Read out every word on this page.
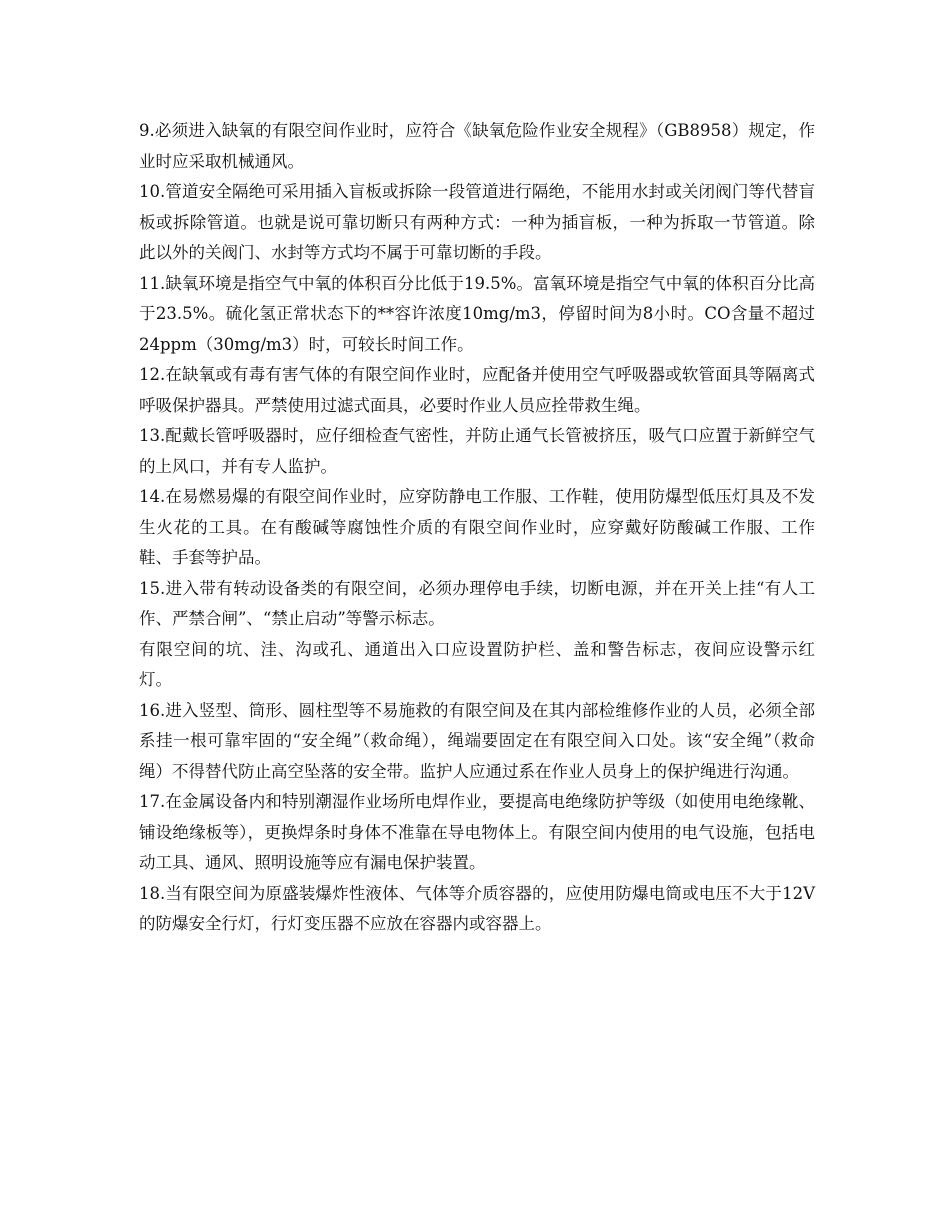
9.必须进入缺氧的有限空间作业时，应符合《缺氧危险作业安全规程》（GB8958）规定，作业时应采取机械通风。

10.管道安全隔绝可采用插入盲板或拆除一段管道进行隔绝，不能用水封或关闭阀门等代替盲板或拆除管道。也就是说可靠切断只有两种方式：一种为插盲板，一种为拆取一节管道。除此以外的关阀门、水封等方式均不属于可靠切断的手段。

11.缺氧环境是指空气中氧的体积百分比低于19.5%。富氧环境是指空气中氧的体积百分比高于23.5%。硫化氢正常状态下的**容许浓度10mg/m3，停留时间为8小时。CO含量不超过24ppm（30mg/m3）时，可较长时间工作。

12.在缺氧或有毒有害气体的有限空间作业时，应配备并使用空气呼吸器或软管面具等隔离式呼吸保护器具。严禁使用过滤式面具，必要时作业人员应拴带救生绳。

13.配戴长管呼吸器时，应仔细检查气密性，并防止通气长管被挤压，吸气口应置于新鲜空气的上风口，并有专人监护。

14.在易燃易爆的有限空间作业时，应穿防静电工作服、工作鞋，使用防爆型低压灯具及不发生火花的工具。在有酸碱等腐蚀性介质的有限空间作业时，应穿戴好防酸碱工作服、工作鞋、手套等护品。

15.进入带有转动设备类的有限空间，必须办理停电手续，切断电源，并在开关上挂“有人工作、严禁合闸”、“禁止启动”等警示标志。

有限空间的坑、洼、沟或孔、通道出入口应设置防护栏、盖和警告标志，夜间应设警示红灯。

16.进入竖型、筒形、圆柱型等不易施救的有限空间及在其内部检维修作业的人员，必须全部系挂一根可靠牢固的“安全绳”（救命绳），绳端要固定在有限空间入口处。该“安全绳”（救命绳）不得替代防止高空坠落的安全带。监护人应通过系在作业人员身上的保护绳进行沟通。

17.在金属设备内和特别潮湿作业场所电焊作业，要提高电绝缘防护等级（如使用电绝缘靴、铺设绝缘板等），更换焊条时身体不准靠在导电物体上。有限空间内使用的电气设施，包括电动工具、通风、照明设施等应有漏电保护装置。

18.当有限空间为原盛装爆炸性液体、气体等介质容器的，应使用防爆电筒或电压不大于12V的防爆安全行灯，行灯变压器不应放在容器内或容器上。
